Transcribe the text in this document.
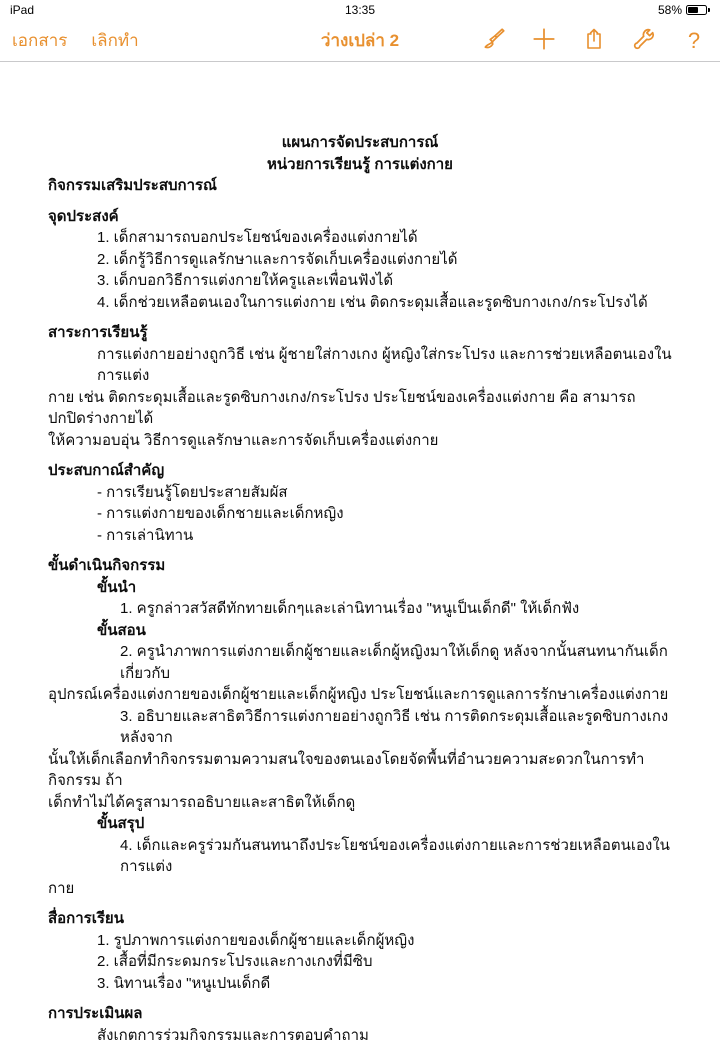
iPad	13:35	58%
เอกสาร เลิกทำ	ว่างเปล่า 2	?
แผนการจัดประสบการณ์
หน่วยการเรียนรู้ การแต่งกาย
กิจกรรมเสริมประสบการณ์
จุดประสงค์
1. เด็กสามารถบอกประโยชน์ของเครื่องแต่งกายได้
2. เด็กรู้วิธีการดูแลรักษาและการจัดเก็บเครื่องแต่งกายได้
3. เด็กบอกวิธีการแต่งกายให้ครูและเพื่อนฟังได้
4. เด็กช่วยเหลือตนเองในการแต่งกาย เช่น ติดกระดุมเสื้อและรูดซิบกางเกง/กระโปรงได้
สาระการเรียนรู้
การแต่งกายอย่างถูกวิธี เช่น ผู้ชายใส่กางเกง ผู้หญิงใส่กระโปรง และการช่วยเหลือตนเองในการแต่ง
กาย เช่น ติดกระดุมเสื้อและรูดซิบกางเกง/กระโปรง ประโยชน์ของเครื่องแต่งกาย คือ สามารถปกปิดร่างกายได้
ให้ความอบอุ่น วิธีการดูแลรักษาและการจัดเก็บเครื่องแต่งกาย
ประสบกาณ์สำคัญ
- การเรียนรู้โดยประสายสัมผัส
- การแต่งกายของเด็กชายและเด็กหญิง
- การเล่านิทาน
ขั้นดำเนินกิจกรรม
ขั้นนำ
1. ครูกล่าวสวัสดีทักทายเด็กๆและเล่านิทานเรื่อง "หนูเป็นเด็กดี" ให้เด็กฟัง
ขั้นสอน
2. ครูนำภาพการแต่งกายเด็กผู้ชายและเด็กผู้หญิงมาให้เด็กดู หลังจากนั้นสนทนากันเด็กเกี่ยวกับ
อุปกรณ์เครื่องแต่งกายของเด็กผู้ชายและเด็กผู้หญิง ประโยชน์และการดูแลการรักษาเครื่องแต่งกาย
3. อธิบายและสาธิตวิธีการแต่งกายอย่างถูกวิธี เช่น การติดกระดุมเสื้อและรูดซิบกางเกง หลังจาก
นั้นให้เด็กเลือกทำกิจกรรมตามความสนใจของตนเองโดยจัดพื้นที่อำนวยความสะดวกในการทำกิจกรรม ถ้า
เด็กทำไม่ได้ครูสามารถอธิบายและสาธิตให้เด็กดู
ขั้นสรุป
4. เด็กและครูร่วมกันสนทนาถึงประโยชน์ของเครื่องแต่งกายและการช่วยเหลือตนเองในการแต่ง
กาย
สื่อการเรียน
1. รูปภาพการแต่งกายของเด็กผู้ชายและเด็กผู้หญิง
2. เสื้อที่มีกระดมกระโปรงและกางเกงที่มีซิบ
3. นิทานเรื่อง "หนูเปนเด็กดี
การประเมินผล
สังเกตการร่วมกิจกรรมและการตอบคำถาม
